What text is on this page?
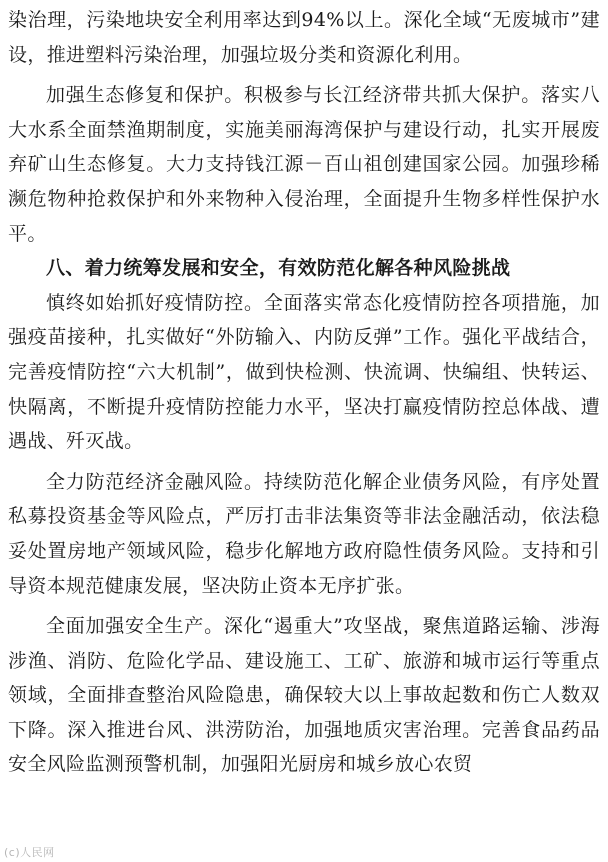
染治理，污染地块安全利用率达到94%以上。深化全域“无废城市”建设，推进塑料污染治理，加强垃圾分类和资源化利用。

加强生态修复和保护。积极参与长江经济带共抓大保护。落实八大水系全面禁渔期制度，实施美丽海湾保护与建设行动，扎实开展废弃矿山生态修复。大力支持钱江源－百山祖创建国家公园。加强珍稀濒危物种抢救保护和外来物种入侵治理，全面提升生物多样性保护水平。

八、着力统筹发展和安全，有效防范化解各种风险挑战

慎终如始抓好疫情防控。全面落实常态化疫情防控各项措施，加强疫苗接种，扎实做好“外防输入、内防反弹”工作。强化平战结合，完善疫情防控“六大机制”，做到快检测、快流调、快编组、快转运、快隔离，不断提升疫情防控能力水平，坚决打赢疫情防控总体战、遭遇战、歼灭战。

全力防范经济金融风险。持续防范化解企业债务风险，有序处置私募投资基金等风险点，严厉打击非法集资等非法金融活动，依法稳妥处置房地产领域风险，稳步化解地方政府隐性债务风险。支持和引导资本规范健康发展，坚决防止资本无序扩张。

全面加强安全生产。深化“遏重大”攻坚战，聚焦道路运输、涉海涉渔、消防、危险化学品、建设施工、工矿、旅游和城市运行等重点领域，全面排查整治风险隐患，确保较大以上事故起数和伤亡人数双下降。深入推进台风、洪涝防治，加强地质灾害治理。完善食品药品安全风险监测预警机制，加强阳光厨房和城乡放心农贸

(c)人民网
